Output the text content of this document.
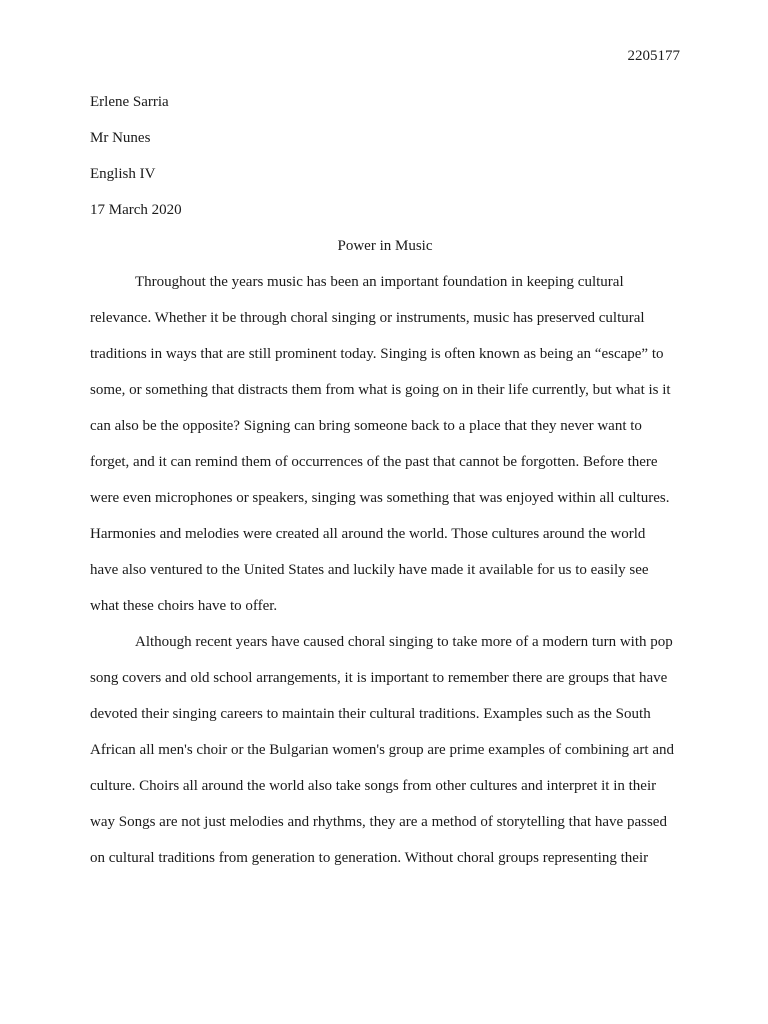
2205177
Erlene Sarria
Mr Nunes
English IV
17 March 2020
Power in Music
Throughout the years music has been an important foundation in keeping cultural
relevance. Whether it be through choral singing or instruments, music has preserved cultural
traditions in ways that are still prominent today. Singing is often known as being an “escape” to
some, or something that distracts them from what is going on in their life currently, but what is it
can also be the opposite? Signing can bring someone back to a place that they never want to
forget, and it can remind them of occurrences of the past that cannot be forgotten. Before there
were even microphones or speakers, singing was something that was enjoyed within all cultures.
Harmonies and melodies were created all around the world. Those cultures around the world
have also ventured to the United States and luckily have made it available for us to easily see
what these choirs have to offer.
Although recent years have caused choral singing to take more of a modern turn with pop
song covers and old school arrangements, it is important to remember there are groups that have
devoted their singing careers to maintain their cultural traditions. Examples such as the South
African all men's choir or the Bulgarian women's group are prime examples of combining art and
culture. Choirs all around the world also take songs from other cultures and interpret it in their
way Songs are not just melodies and rhythms, they are a method of storytelling that have passed
on cultural traditions from generation to generation. Without choral groups representing their
